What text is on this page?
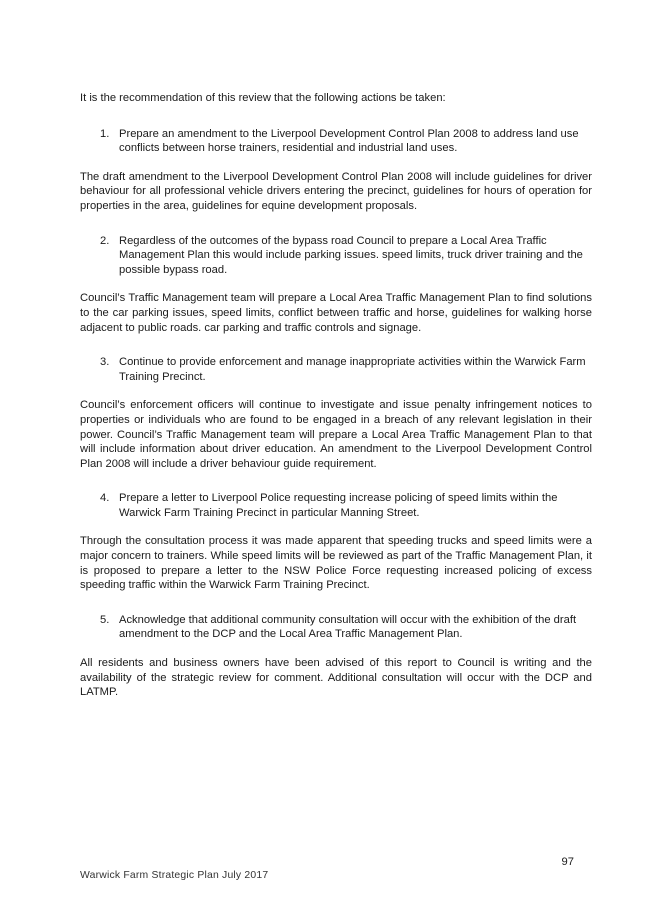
It is the recommendation of this review that the following actions be taken:

1. Prepare an amendment to the Liverpool Development Control Plan 2008 to address land use conflicts between horse trainers, residential and industrial land uses.

The draft amendment to the Liverpool Development Control Plan 2008 will include guidelines for driver behaviour for all professional vehicle drivers entering the precinct, guidelines for hours of operation for properties in the area, guidelines for equine development proposals.

2. Regardless of the outcomes of the bypass road Council to prepare a Local Area Traffic Management Plan this would include parking issues. speed limits, truck driver training and the possible bypass road.

Council’s Traffic Management team will prepare a Local Area Traffic Management Plan to find solutions to the car parking issues, speed limits, conflict between traffic and horse, guidelines for walking horse adjacent to public roads. car parking and traffic controls and signage.

3. Continue to provide enforcement and manage inappropriate activities within the Warwick Farm Training Precinct.

Council’s enforcement officers will continue to investigate and issue penalty infringement notices to properties or individuals who are found to be engaged in a breach of any relevant legislation in their power. Council’s Traffic Management team will prepare a Local Area Traffic Management Plan to that will include information about driver education. An amendment to the Liverpool Development Control Plan 2008 will include a driver behaviour guide requirement.

4. Prepare a letter to Liverpool Police requesting increase policing of speed limits within the Warwick Farm Training Precinct in particular Manning Street.

Through the consultation process it was made apparent that speeding trucks and speed limits were a major concern to trainers. While speed limits will be reviewed as part of the Traffic Management Plan, it is proposed to prepare a letter to the NSW Police Force requesting increased policing of excess speeding traffic within the Warwick Farm Training Precinct.

5. Acknowledge that additional community consultation will occur with the exhibition of the draft amendment to the DCP and the Local Area Traffic Management Plan.

All residents and business owners have been advised of this report to Council is writing and the availability of the strategic review for comment. Additional consultation will occur with the DCP and LATMP.

97
Warwick Farm Strategic Plan July 2017
